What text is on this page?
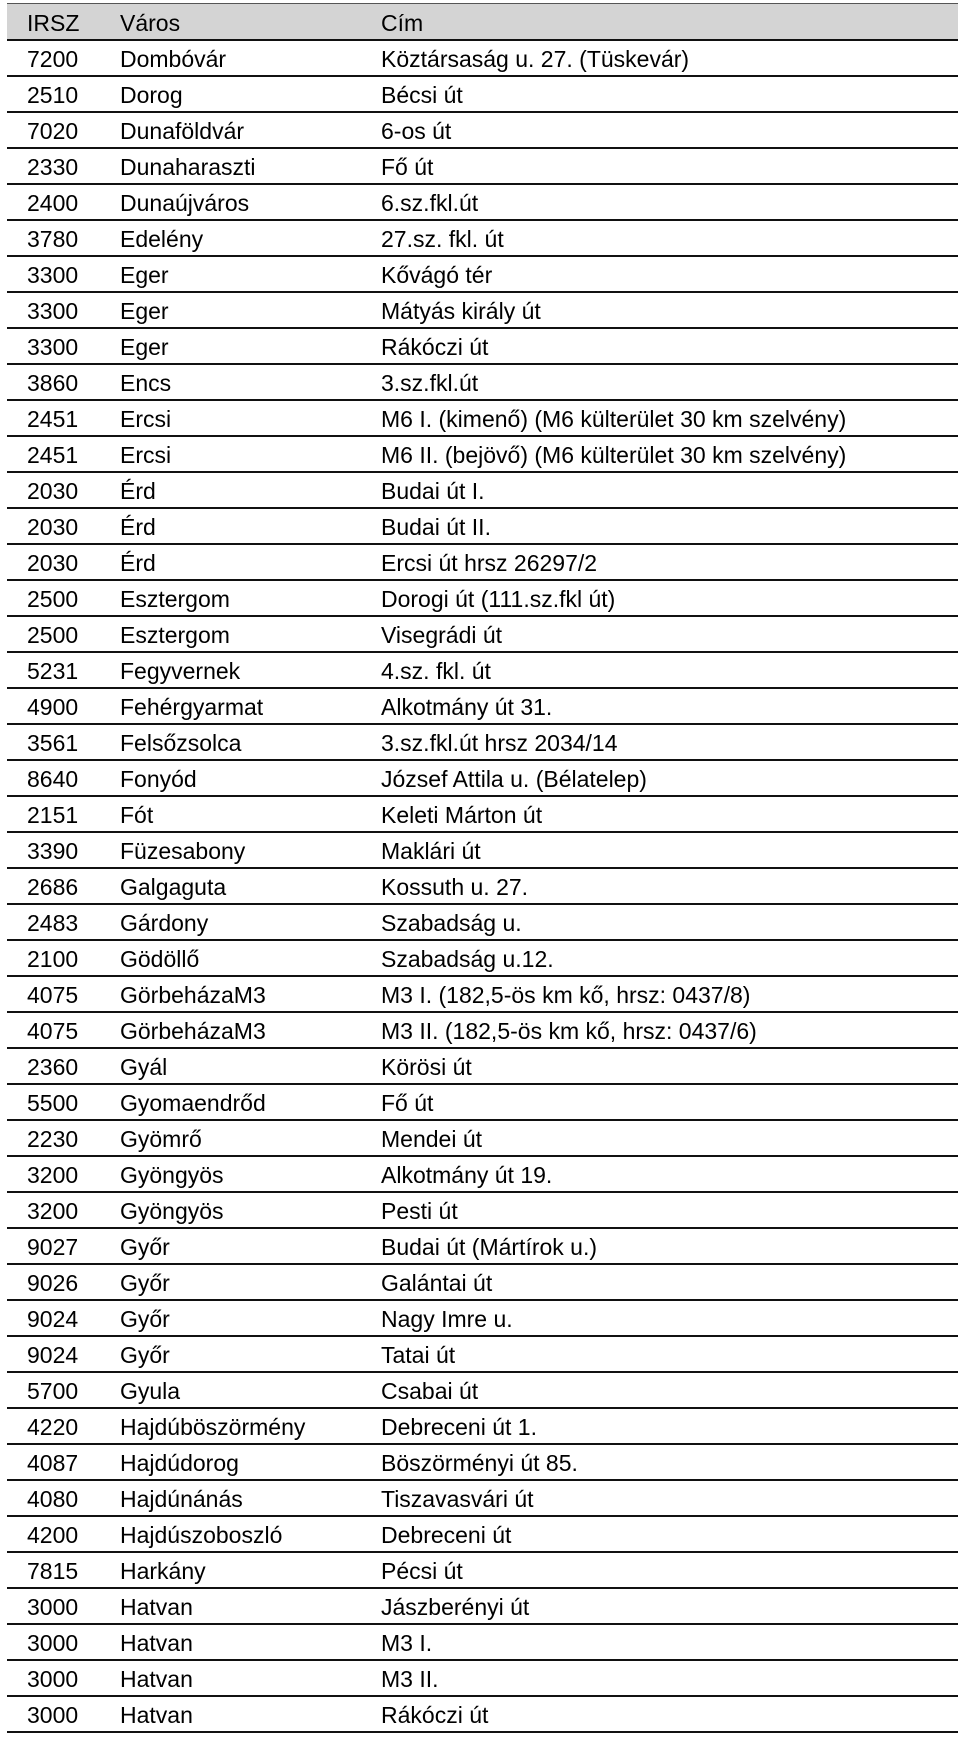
IRSZ	Város	Cím
7200	Dombóvár	Köztársaság u. 27. (Tüskevár)
2510	Dorog	Bécsi út
7020	Dunaföldvár	6-os út
2330	Dunaharaszti	Fő út
2400	Dunaújváros	6.sz.fkl.út
3780	Edelény	27.sz. fkl. út
3300	Eger	Kővágó tér
3300	Eger	Mátyás király út
3300	Eger	Rákóczi út
3860	Encs	3.sz.fkl.út
2451	Ercsi	M6 I. (kimenő) (M6 külterület 30 km szelvény)
2451	Ercsi	M6 II. (bejövő) (M6 külterület 30 km szelvény)
2030	Érd	Budai út I.
2030	Érd	Budai út II.
2030	Érd	Ercsi út hrsz 26297/2
2500	Esztergom	Dorogi út (111.sz.fkl út)
2500	Esztergom	Visegrádi út
5231	Fegyvernek	4.sz. fkl. út
4900	Fehérgyarmat	Alkotmány út 31.
3561	Felsőzsolca	3.sz.fkl.út hrsz 2034/14
8640	Fonyód	József Attila u. (Bélatelep)
2151	Fót	Keleti Márton út
3390	Füzesabony	Maklári út
2686	Galgaguta	Kossuth u. 27.
2483	Gárdony	Szabadság u.
2100	Gödöllő	Szabadság u.12.
4075	GörbeházaM3	M3 I. (182,5-ös km kő, hrsz: 0437/8)
4075	GörbeházaM3	M3 II. (182,5-ös km kő, hrsz: 0437/6)
2360	Gyál	Körösi út
5500	Gyomaendrőd	Fő út
2230	Gyömrő	Mendei út
3200	Gyöngyös	Alkotmány út 19.
3200	Gyöngyös	Pesti út
9027	Győr	Budai út (Mártírok u.)
9026	Győr	Galántai út
9024	Győr	Nagy Imre u.
9024	Győr	Tatai út
5700	Gyula	Csabai út
4220	Hajdúböszörmény	Debreceni út 1.
4087	Hajdúdorog	Böszörményi út 85.
4080	Hajdúnánás	Tiszavasvári út
4200	Hajdúszoboszló	Debreceni út
7815	Harkány	Pécsi út
3000	Hatvan	Jászberényi út
3000	Hatvan	M3 I.
3000	Hatvan	M3 II.
3000	Hatvan	Rákóczi út
